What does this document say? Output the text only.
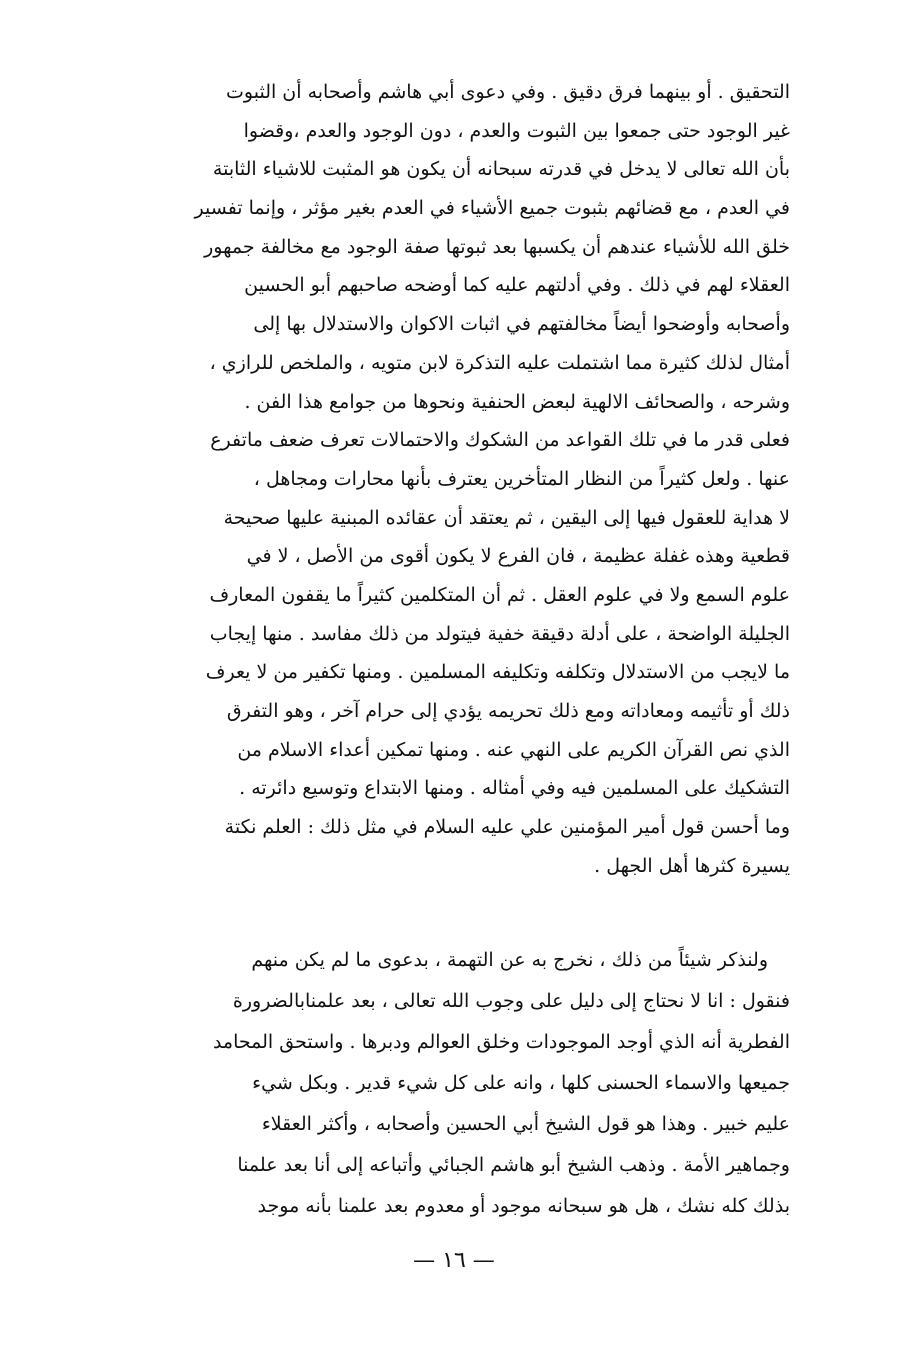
التحقيق . أو بينهما فرق دقيق . وفي دعوى أبي هاشم وأصحابه أن الثبوت
غير الوجود حتى جمعوا بين الثبوت والعدم ، دون الوجود والعدم ،وقضوا
بأن الله تعالى لا يدخل في قدرته سبحانه أن يكون هو المثبت للاشياء الثابتة
في العدم ، مع قضائهم بثبوت جميع الأشياء في العدم بغير مؤثر ، وإنما تفسير
خلق الله للأشياء عندهم أن يكسبها بعد ثبوتها صفة الوجود مع مخالفة جمهور
العقلاء لهم في ذلك . وفي أدلتهم عليه كما أوضحه صاحبهم أبو الحسين
وأصحابه وأوضحوا أيضاً مخالفتهم في اثبات الاكوان والاستدلال بها إلى
أمثال لذلك كثيرة مما اشتملت عليه التذكرة لابن متويه ، والملخص للرازي ،
وشرحه ، والصحائف الالهية لبعض الحنفية ونحوها من جوامع هذا الفن .
فعلى قدر ما في تلك القواعد من الشكوك والاحتمالات تعرف ضعف ماتفرع
عنها . ولعل كثيراً من النظار المتأخرين يعترف بأنها محارات ومجاهل ،
لا هداية للعقول فيها إلى اليقين ، ثم يعتقد أن عقائده المبنية عليها صحيحة
قطعية وهذه غفلة عظيمة ، فان الفرع لا يكون أقوى من الأصل ، لا في
علوم السمع ولا في علوم العقل . ثم أن المتكلمين كثيراً ما يقفون المعارف
الجليلة الواضحة ، على أدلة دقيقة خفية فيتولد من ذلك مفاسد . منها إيجاب
ما لايجب من الاستدلال وتكلفه وتكليفه المسلمين . ومنها تكفير من لا يعرف
ذلك أو تأثيمه ومعاداته ومع ذلك تحريمه يؤدي إلى حرام آخر ، وهو التفرق
الذي نص القرآن الكريم على النهي عنه . ومنها تمكين أعداء الاسلام من
التشكيك على المسلمين فيه وفي أمثاله . ومنها الابتداع وتوسيع دائرته .
وما أحسن قول أمير المؤمنين علي عليه السلام في مثل ذلك : العلم نكتة
يسيرة كثرها أهل الجهل .
ولنذكر شيئاً من ذلك ، نخرج به عن التهمة ، بدعوى ما لم يكن منهم
فنقول : انا لا نحتاج إلى دليل على وجوب الله تعالى ، بعد علمنابالضرورة
الفطرية أنه الذي أوجد الموجودات وخلق العوالم ودبرها . واستحق المحامد
جميعها والاسماء الحسنى كلها ، وانه على كل شيء قدير . وبكل شيء
عليم خبير . وهذا هو قول الشيخ أبي الحسين وأصحابه ، وأكثر العقلاء
وجماهير الأمة . وذهب الشيخ أبو هاشم الجبائي وأتباعه إلى أنا بعد علمنا
بذلك كله نشك ، هل هو سبحانه موجود أو معدوم بعد علمنا بأنه موجد
— ١٦ —
